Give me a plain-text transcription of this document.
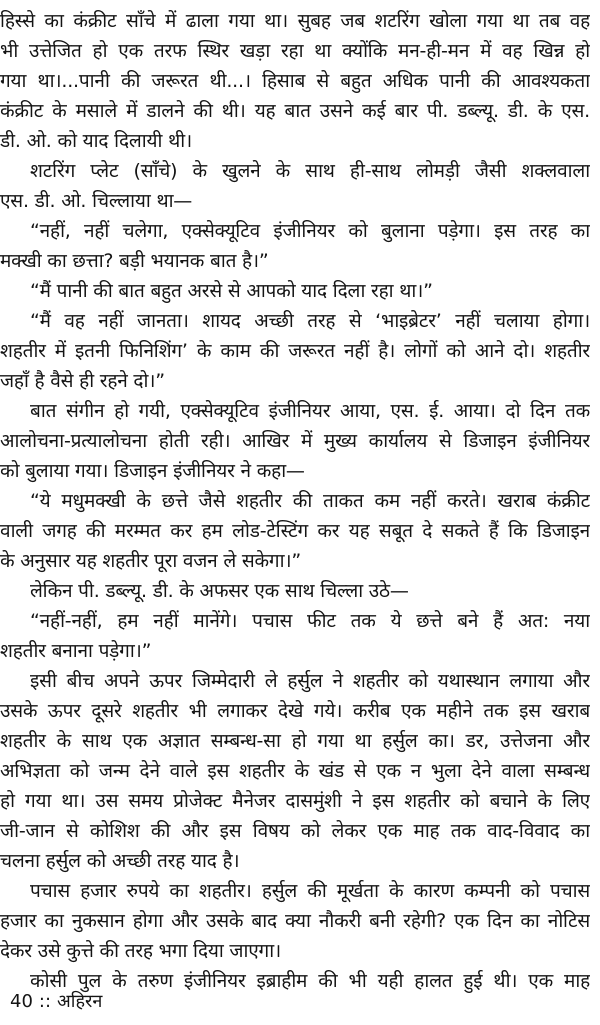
हिस्से का कंक्रीट साँचे में ढाला गया था। सुबह जब शटरिंग खोला गया था तब वह
भी उत्तेजित हो एक तरफ स्थिर खड़ा रहा था क्योंकि मन-ही-मन में वह खिन्न हो
गया था।...पानी की जरूरत थी...। हिसाब से बहुत अधिक पानी की आवश्यकता
कंक्रीट के मसाले में डालने की थी। यह बात उसने कई बार पी. डब्ल्यू. डी. के एस.
डी. ओ. को याद दिलायी थी।
शटरिंग प्लेट (साँचे) के खुलने के साथ ही-साथ लोमड़ी जैसी शक्लवाला
एस. डी. ओ. चिल्लाया था—
“नहीं, नहीं चलेगा, एक्सेक्यूटिव इंजीनियर को बुलाना पड़ेगा। इस तरह का
मक्खी का छत्ता? बड़ी भयानक बात है।”
“मैं पानी की बात बहुत अरसे से आपको याद दिला रहा था।”
“मैं वह नहीं जानता। शायद अच्छी तरह से ‘भाइब्रेटर’ नहीं चलाया होगा।
शहतीर में इतनी फिनिशिंग’ के काम की जरूरत नहीं है। लोगों को आने दो। शहतीर
जहाँ है वैसे ही रहने दो।”
बात संगीन हो गयी, एक्सेक्यूटिव इंजीनियर आया, एस. ई. आया। दो दिन तक
आलोचना-प्रत्यालोचना होती रही। आखिर में मुख्य कार्यालय से डिजाइन इंजीनियर
को बुलाया गया। डिजाइन इंजीनियर ने कहा—
“ये मधुमक्खी के छत्ते जैसे शहतीर की ताकत कम नहीं करते। खराब कंक्रीट
वाली जगह की मरम्मत कर हम लोड-टेस्टिंग कर यह सबूत दे सकते हैं कि डिजाइन
के अनुसार यह शहतीर पूरा वजन ले सकेगा।”
लेकिन पी. डब्ल्यू. डी. के अफसर एक साथ चिल्ला उठे—
“नहीं-नहीं, हम नहीं मानेंगे। पचास फीट तक ये छत्ते बने हैं अत: नया
शहतीर बनाना पड़ेगा।”
इसी बीच अपने ऊपर जिम्मेदारी ले हर्सुल ने शहतीर को यथास्थान लगाया और
उसके ऊपर दूसरे शहतीर भी लगाकर देखे गये। करीब एक महीने तक इस खराब
शहतीर के साथ एक अज्ञात सम्बन्ध-सा हो गया था हर्सुल का। डर, उत्तेजना और
अभिज्ञता को जन्म देने वाले इस शहतीर के खंड से एक न भुला देने वाला सम्बन्ध
हो गया था। उस समय प्रोजेक्ट मैनेजर दासमुंशी ने इस शहतीर को बचाने के लिए
जी-जान से कोशिश की और इस विषय को लेकर एक माह तक वाद-विवाद का
चलना हर्सुल को अच्छी तरह याद है।
पचास हजार रुपये का शहतीर। हर्सुल की मूर्खता के कारण कम्पनी को पचास
हजार का नुकसान होगा और उसके बाद क्या नौकरी बनी रहेगी? एक दिन का नोटिस
देकर उसे कुत्ते की तरह भगा दिया जाएगा।
कोसी पुल के तरुण इंजीनियर इब्राहीम की भी यही हालत हुई थी। एक माह
40 :: अहिरन
